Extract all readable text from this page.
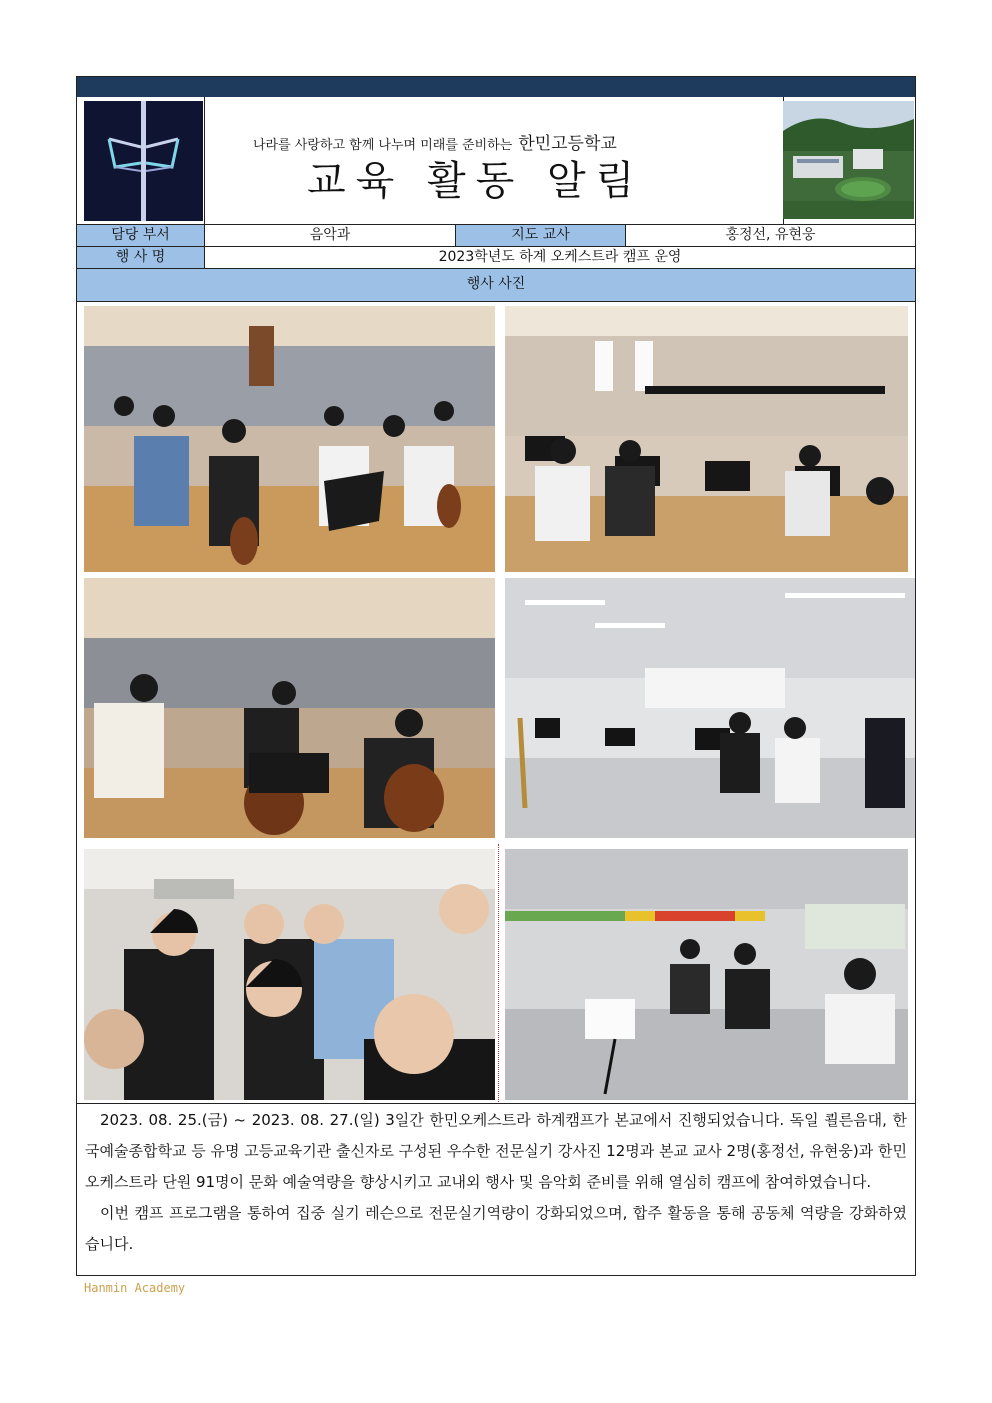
나라를 사랑하고 함께 나누며 미래를 준비하는 한민고등학교
교육 활동 알림
담당 부서	음악과	지도 교사	홍정선, 유현웅
행 사 명	2023학년도 하계 오케스트라 캠프 운영
행사 사진

2023. 08. 25.(금) ~ 2023. 08. 27.(일) 3일간 한민오케스트라 하계캠프가 본교에서 진행되었습니다. 독일 쾰른음대, 한국예술종합학교 등 유명 고등교육기관 출신자로 구성된 우수한 전문실기 강사진 12명과 본교 교사 2명(홍정선, 유현웅)과 한민오케스트라 단원 91명이 문화 예술역량을 향상시키고 교내외 행사 및 음악회 준비를 위해 열심히 캠프에 참여하였습니다.

이번 캠프 프로그램을 통하여 집중 실기 레슨으로 전문실기역량이 강화되었으며, 합주 활동을 통해 공동체 역량을 강화하였습니다.

Hanmin Academy
